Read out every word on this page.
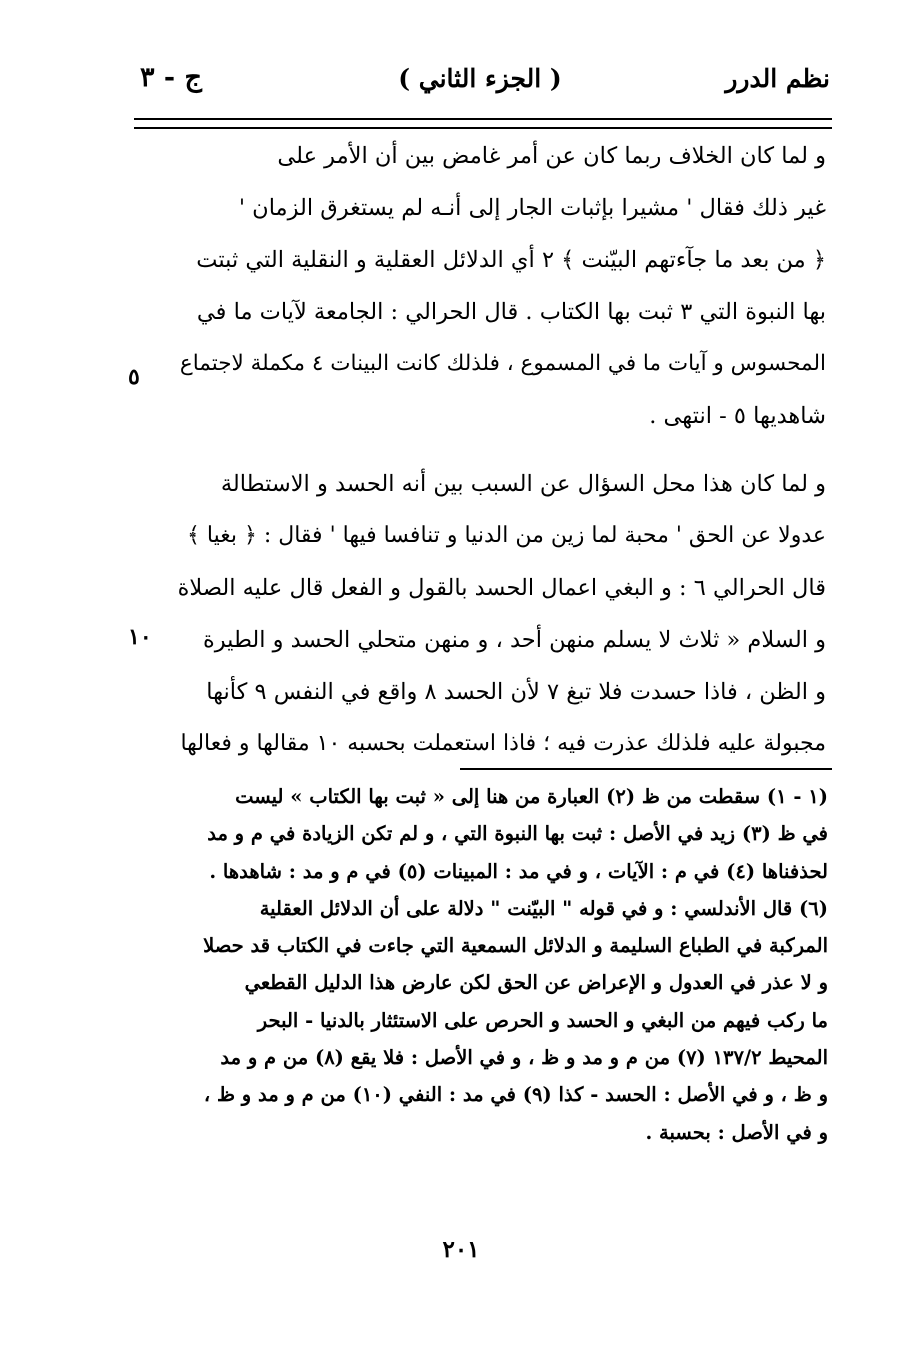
نظم الدرر
( الجزء الثاني )
ج - ٣
و لما كان الخلاف ربما كان عن أمر غامض بين أن الأمر على
غير ذلك فقال ' مشيرا بإثبات الجار إلى أنـه لم يستغرق الزمان '
﴿ من بعد ما جآءتهم البيّنت ﴾ ٢ أي الدلائل العقلية و النقلية التي ثبتت
بها النبوة التي ٣ ثبت بها الكتاب . قال الحرالي : الجامعة لآيات ما في
المحسوس و آيات ما في المسموع ، فلذلك كانت البينات ٤ مكملة لاجتماع
شاهديها ٥ - انتهى .
و لما كان هذا محل السؤال عن السبب بين أنه الحسد و الاستطالة
عدولا عن الحق ' محبة لما زين من الدنيا و تنافسا فيها ' فقال : ﴿ بغيا ﴾
قال الحرالي ٦ : و البغي اعمال الحسد بالقول و الفعل قال عليه الصلاة
و السلام « ثلاث لا يسلم منهن أحد ، و منهن متحلي الحسد و الطيرة
و الظن ، فاذا حسدت فلا تبغ ٧ لأن الحسد ٨ واقع في النفس ٩ كأنها
مجبولة عليه فلذلك عذرت فيه ؛ فاذا استعملت بحسبه ١٠ مقالها و فعالها
٥
١٠
(١ - ١) سقطت من ظ (٢) العبارة من هنا إلى « ثبت بها الكتاب » ليست
في ظ (٣) زيد في الأصل : ثبت بها النبوة التي ، و لم تكن الزيادة في م و مد
لحذفناها (٤) في م : الآيات ، و في مد : المبينات (٥) في م و مد : شاهدها .
(٦) قال الأندلسي : و في قوله " البيّنت " دلالة على أن الدلائل العقلية
المركبة في الطباع السليمة و الدلائل السمعية التي جاءت في الكتاب قد حصلا
و لا عذر في العدول و الإعراض عن الحق لكن عارض هذا الدليل القطعي
ما ركب فيهم من البغي و الحسد و الحرص على الاستئثار بالدنيا - البحر
المحيط ١٣٧/٢ (٧) من م و مد و ظ ، و في الأصل : فلا يقع (٨) من م و مد
و ظ ، و في الأصل : الحسد - كذا (٩) في مد : النفي (١٠) من م و مد و ظ ،
و في الأصل : بحسبة .
٢٠١
